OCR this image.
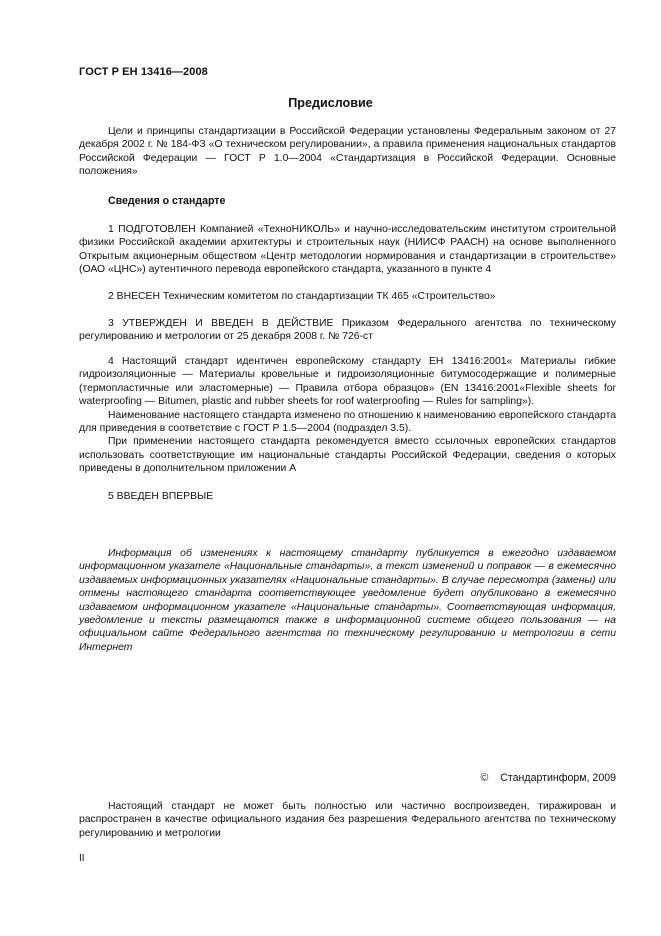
ГОСТ Р ЕН 13416—2008
Предисловие

Цели и принципы стандартизации в Российской Федерации установлены Федеральным законом от 27 декабря 2002 г. № 184-ФЗ «О техническом регулировании», а правила применения национальных стандартов Российской Федерации — ГОСТ Р 1.0—2004 «Стандартизация в Российской Федерации. Основные положения»

Сведения о стандарте

1 ПОДГОТОВЛЕН Компанией «ТехноНИКОЛЬ» и научно-исследовательским институтом строительной физики Российской академии архитектуры и строительных наук (НИИСФ РААСН) на основе выполненного Открытым акционерным обществом «Центр методологии нормирования и стандартизации в строительстве» (ОАО «ЦНС») аутентичного перевода европейского стандарта, указанного в пункте 4

2 ВНЕСЕН Техническим комитетом по стандартизации ТК 465 «Строительство»

3 УТВЕРЖДЕН И ВВЕДЕН В ДЕЙСТВИЕ Приказом Федерального агентства по техническому регулированию и метрологии от 25 декабря 2008 г. № 726-ст

4 Настоящий стандарт идентичен европейскому стандарту ЕН 13416:2001« Материалы гибкие гидроизоляционные — Материалы кровельные и гидроизоляционные битумосодержащие и полимерные (термопластичные или эластомерные) — Правила отбора образцов» (EN 13416:2001«Flexible sheets for waterproofing — Bitumen, plastic and rubber sheets for roof waterproofing — Rules for sampling»).

Наименование настоящего стандарта изменено по отношению к наименованию европейского стандарта для приведения в соответствие с ГОСТ Р 1.5—2004 (подраздел 3.5).

При применении настоящего стандарта рекомендуется вместо ссылочных европейских стандартов использовать соответствующие им национальные стандарты Российской Федерации, сведения о которых приведены в дополнительном приложении А

5 ВВЕДЕН ВПЕРВЫЕ

Информация об изменениях к настоящему стандарту публикуется в ежегодно издаваемом информационном указателе «Национальные стандарты», а текст изменений и поправок — в ежемесячно издаваемых информационных указателях «Национальные стандарты». В случае пересмотра (замены) или отмены настоящего стандарта соответствующее уведомление будет опубликовано в ежемесячно издаваемом информационном указателе «Национальные стандарты». Соответствующая информация, уведомление и тексты размещаются также в информационной системе общего пользования — на официальном сайте Федерального агентства по техническому регулированию и метрологии в сети Интернет

© Стандартинформ, 2009

Настоящий стандарт не может быть полностью или частично воспроизведен, тиражирован и распространен в качестве официального издания без разрешения Федерального агентства по техническому регулированию и метрологии

II
